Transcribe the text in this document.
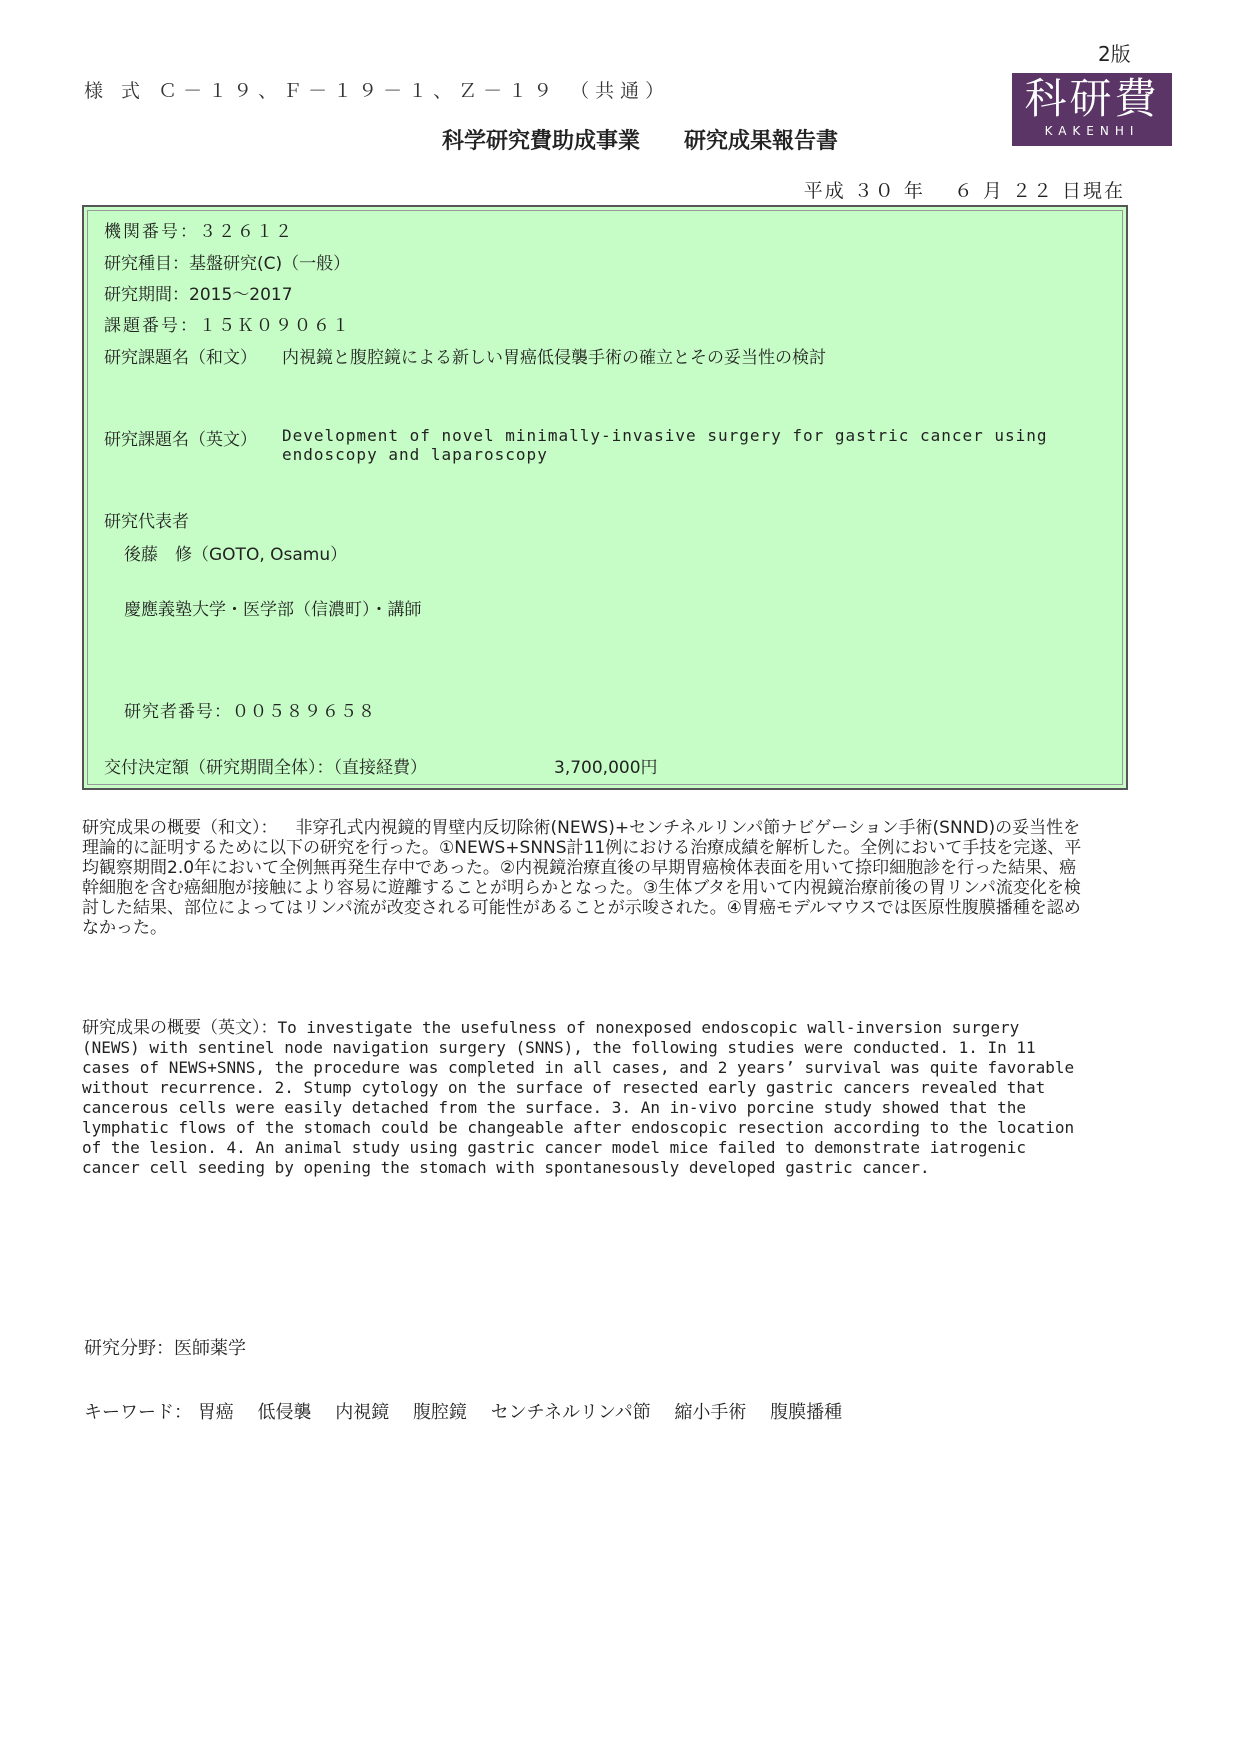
2版
様 式 Ｃ－１９、Ｆ－１９－１、Ｚ－１９ （共通）
科学研究費助成事業　　研究成果報告書
科研費
KAKENHI
平成 ３０ 年　 ６ 月 ２２ 日現在
機関番号：３２６１２
研究種目：基盤研究(C)（一般）
研究期間：2015～2017
課題番号：１５Ｋ０９０６１
研究課題名（和文） 内視鏡と腹腔鏡による新しい胃癌低侵襲手術の確立とその妥当性の検討
研究課題名（英文） Development of novel minimally-invasive surgery for gastric cancer using
endoscopy and laparoscopy
研究代表者
後藤　修（GOTO, Osamu）
慶應義塾大学・医学部（信濃町）・講師
研究者番号：００５８９６５８
交付決定額（研究期間全体）：（直接経費）	3,700,000円
研究成果の概要（和文）： 非穿孔式内視鏡的胃壁内反切除術(NEWS)+センチネルリンパ節ナビゲーション手術(SNND)の妥当性を理論的に証明するために以下の研究を行った。①NEWS+SNNS計11例における治療成績を解析した。全例において手技を完遂、平均観察期間2.0年において全例無再発生存中であった。②内視鏡治療直後の早期胃癌検体表面を用いて捺印細胞診を行った結果、癌幹細胞を含む癌細胞が接触により容易に遊離することが明らかとなった。③生体ブタを用いて内視鏡治療前後の胃リンパ流変化を検討した結果、部位によってはリンパ流が改変される可能性があることが示唆された。④胃癌モデルマウスでは医原性腹膜播種を認めなかった。
研究成果の概要（英文）：To investigate the usefulness of nonexposed endoscopic wall-inversion surgery (NEWS) with sentinel node navigation surgery (SNNS), the following studies were conducted. 1. In 11 cases of NEWS+SNNS, the procedure was completed in all cases, and 2 years’ survival was quite favorable without recurrence. 2. Stump cytology on the surface of resected early gastric cancers revealed that cancerous cells were easily detached from the surface. 3. An in-vivo porcine study showed that the lymphatic flows of the stomach could be changeable after endoscopic resection according to the location of the lesion. 4. An animal study using gastric cancer model mice failed to demonstrate iatrogenic cancer cell seeding by opening the stomach with spontanesously developed gastric cancer.
研究分野：医師薬学
キーワード： 胃癌 低侵襲 内視鏡 腹腔鏡 センチネルリンパ節 縮小手術 腹膜播種
